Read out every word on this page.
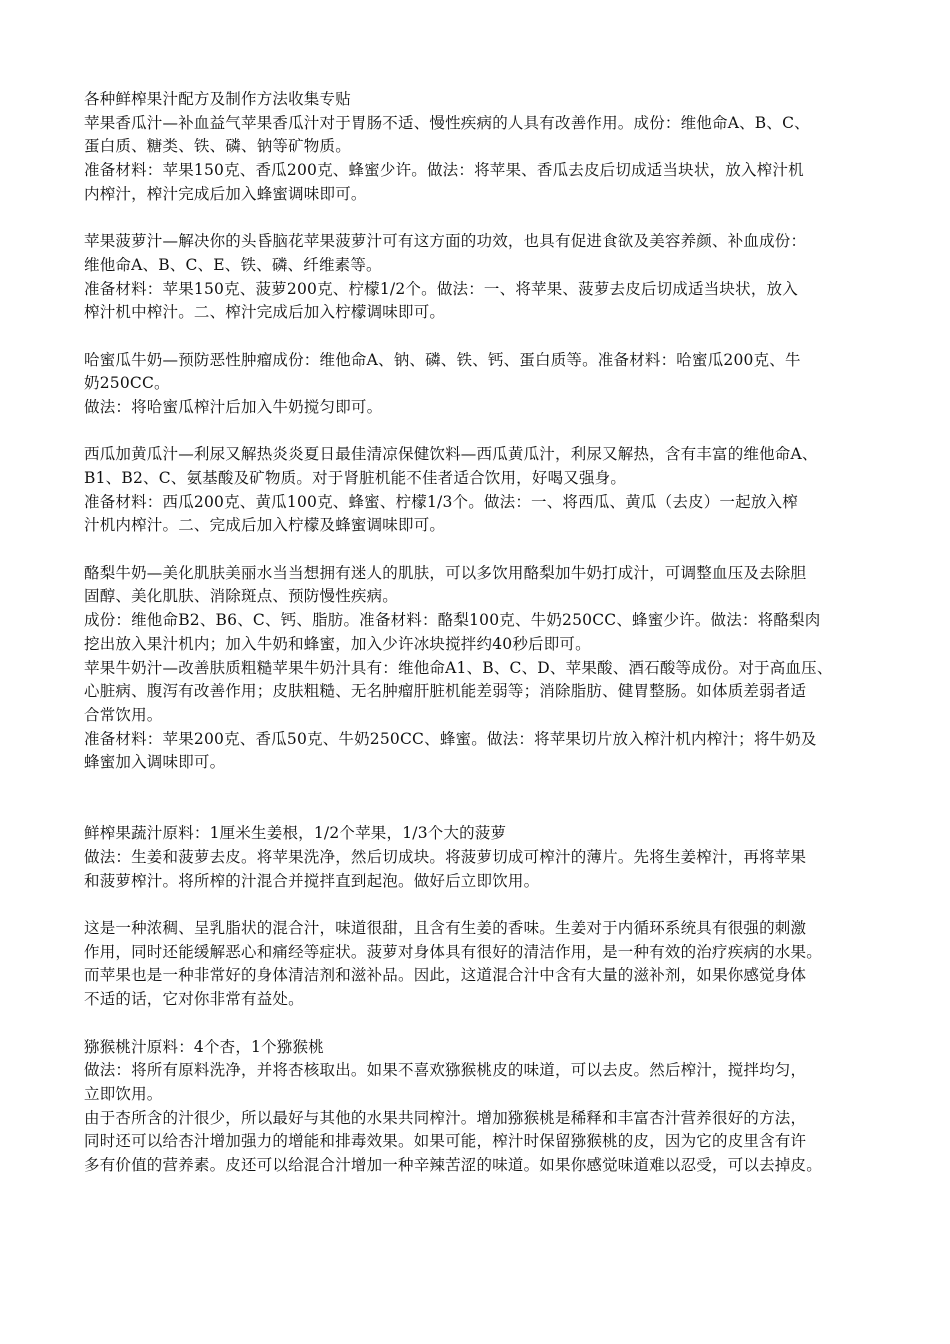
各种鲜榨果汁配方及制作方法收集专贴
苹果香瓜汁—补血益气苹果香瓜汁对于胃肠不适、慢性疾病的人具有改善作用。成份：维他命A、B、C、
蛋白质、糖类、铁、磷、钠等矿物质。
准备材料：苹果150克、香瓜200克、蜂蜜少许。做法：将苹果、香瓜去皮后切成适当块状，放入榨汁机
内榨汁，榨汁完成后加入蜂蜜调味即可。
苹果菠萝汁—解决你的头昏脑花苹果菠萝汁可有这方面的功效，也具有促进食欲及美容养颜、补血成份：
维他命A、B、C、E、铁、磷、纤维素等。
准备材料：苹果150克、菠萝200克、柠檬1/2个。做法：一、将苹果、菠萝去皮后切成适当块状，放入
榨汁机中榨汁。二、榨汁完成后加入柠檬调味即可。
哈蜜瓜牛奶—预防恶性肿瘤成份：维他命A、钠、磷、铁、钙、蛋白质等。准备材料：哈蜜瓜200克、牛
奶250CC。
做法：将哈蜜瓜榨汁后加入牛奶搅匀即可。
西瓜加黄瓜汁—利尿又解热炎炎夏日最佳清凉保健饮料—西瓜黄瓜汁，利尿又解热，含有丰富的维他命A、
B1、B2、C、氨基酸及矿物质。对于肾脏机能不佳者适合饮用，好喝又强身。
准备材料：西瓜200克、黄瓜100克、蜂蜜、柠檬1/3个。做法：一、将西瓜、黄瓜（去皮）一起放入榨
汁机内榨汁。二、完成后加入柠檬及蜂蜜调味即可。
酪梨牛奶—美化肌肤美丽水当当想拥有迷人的肌肤，可以多饮用酪梨加牛奶打成汁，可调整血压及去除胆
固醇、美化肌肤、消除斑点、预防慢性疾病。
成份：维他命B2、B6、C、钙、脂肪。准备材料：酪梨100克、牛奶250CC、蜂蜜少许。做法：将酪梨肉
挖出放入果汁机内；加入牛奶和蜂蜜，加入少许冰块搅拌约40秒后即可。
苹果牛奶汁—改善肤质粗糙苹果牛奶汁具有：维他命A1、B、C、D、苹果酸、酒石酸等成份。对于高血压、
心脏病、腹泻有改善作用；皮肤粗糙、无名肿瘤肝脏机能差弱等；消除脂肪、健胃整肠。如体质差弱者适
合常饮用。
准备材料：苹果200克、香瓜50克、牛奶250CC、蜂蜜。做法：将苹果切片放入榨汁机内榨汁；将牛奶及
蜂蜜加入调味即可。
鲜榨果蔬汁原料：1厘米生姜根，1/2个苹果，1/3个大的菠萝
做法：生姜和菠萝去皮。将苹果洗净，然后切成块。将菠萝切成可榨汁的薄片。先将生姜榨汁，再将苹果
和菠萝榨汁。将所榨的汁混合并搅拌直到起泡。做好后立即饮用。
这是一种浓稠、呈乳脂状的混合汁，味道很甜，且含有生姜的香味。生姜对于内循环系统具有很强的刺激
作用，同时还能缓解恶心和痛经等症状。菠萝对身体具有很好的清洁作用，是一种有效的治疗疾病的水果。
而苹果也是一种非常好的身体清洁剂和滋补品。因此，这道混合汁中含有大量的滋补剂，如果你感觉身体
不适的话，它对你非常有益处。
猕猴桃汁原料：4个杏，1个猕猴桃
做法：将所有原料洗净，并将杏核取出。如果不喜欢猕猴桃皮的味道，可以去皮。然后榨汁，搅拌均匀，
立即饮用。
由于杏所含的汁很少，所以最好与其他的水果共同榨汁。增加猕猴桃是稀释和丰富杏汁营养很好的方法，
同时还可以给杏汁增加强力的增能和排毒效果。如果可能，榨汁时保留猕猴桃的皮，因为它的皮里含有许
多有价值的营养素。皮还可以给混合汁增加一种辛辣苦涩的味道。如果你感觉味道难以忍受，可以去掉皮。
